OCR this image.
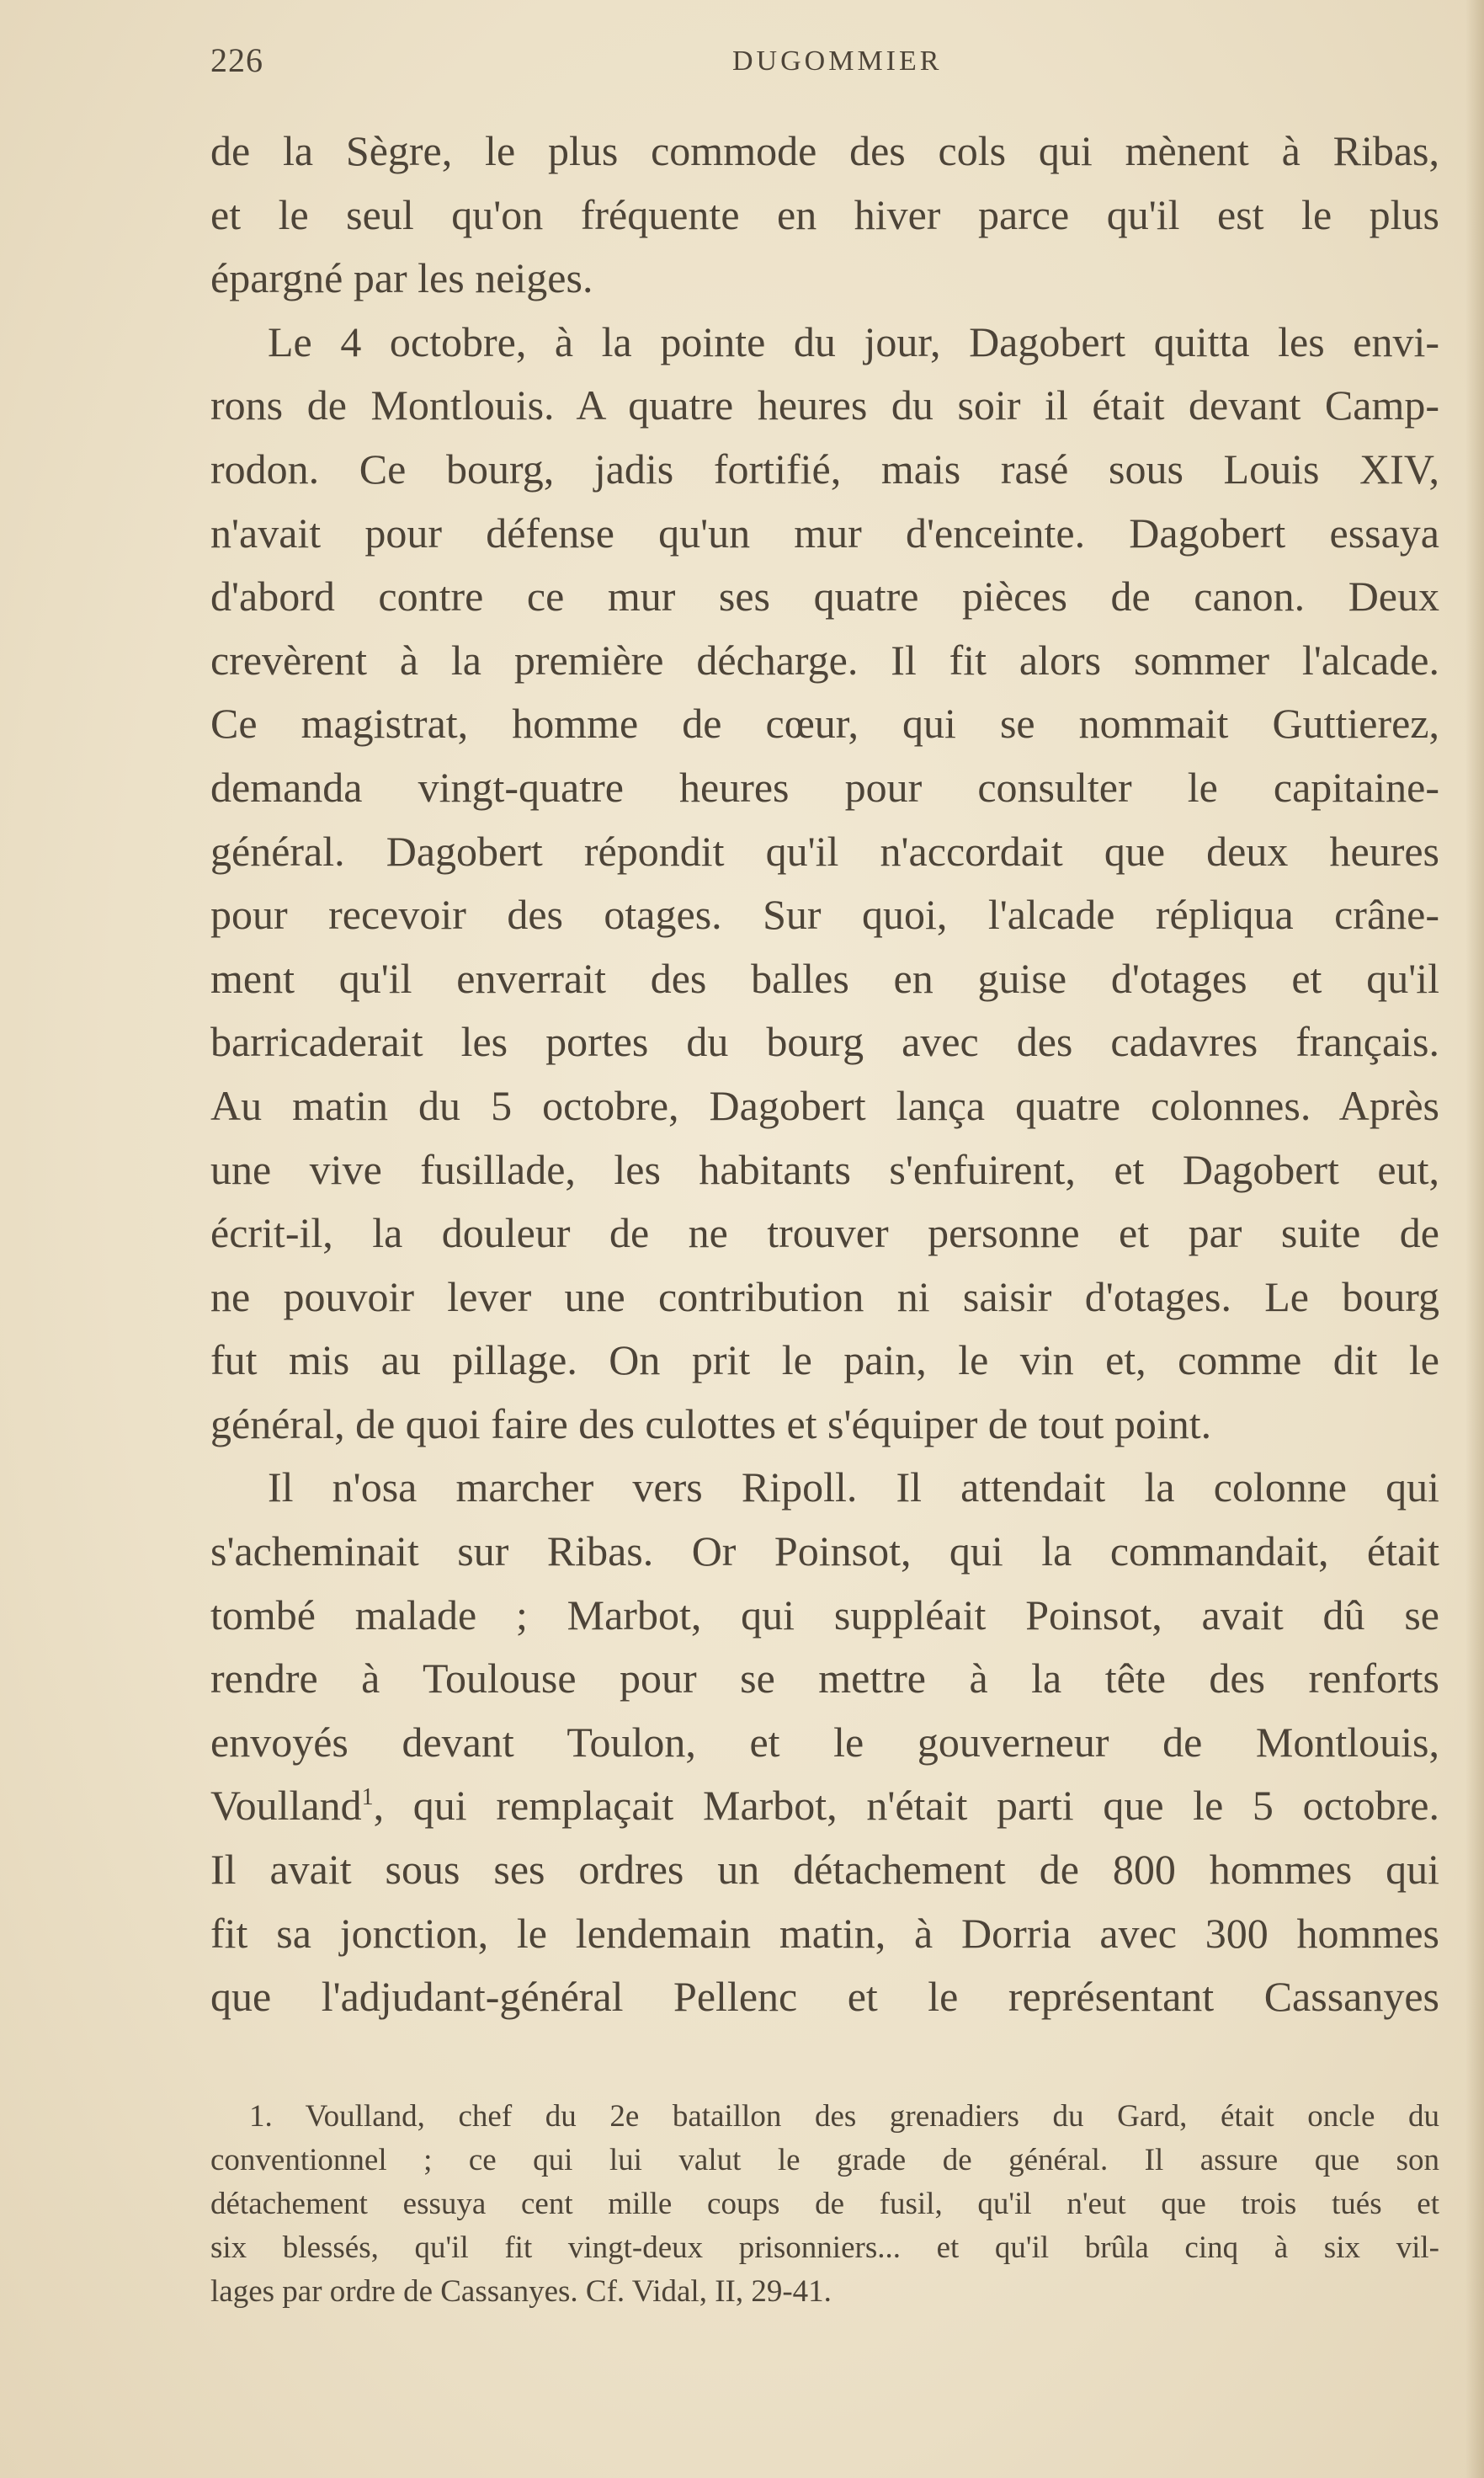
226	DUGOMMIER
de la Sègre, le plus commode des cols qui mènent à Ribas,
et le seul qu'on fréquente en hiver parce qu'il est le plus
épargné par les neiges.
Le 4 octobre, à la pointe du jour, Dagobert quitta les envi-
rons de Montlouis. A quatre heures du soir il était devant Camp-
rodon. Ce bourg, jadis fortifié, mais rasé sous Louis XIV,
n'avait pour défense qu'un mur d'enceinte. Dagobert essaya
d'abord contre ce mur ses quatre pièces de canon. Deux
crevèrent à la première décharge. Il fit alors sommer l'alcade.
Ce magistrat, homme de cœur, qui se nommait Guttierez,
demanda vingt-quatre heures pour consulter le capitaine-
général. Dagobert répondit qu'il n'accordait que deux heures
pour recevoir des otages. Sur quoi, l'alcade répliqua crâne-
ment qu'il enverrait des balles en guise d'otages et qu'il
barricaderait les portes du bourg avec des cadavres français.
Au matin du 5 octobre, Dagobert lança quatre colonnes. Après
une vive fusillade, les habitants s'enfuirent, et Dagobert eut,
écrit-il, la douleur de ne trouver personne et par suite de
ne pouvoir lever une contribution ni saisir d'otages. Le bourg
fut mis au pillage. On prit le pain, le vin et, comme dit le
général, de quoi faire des culottes et s'équiper de tout point.
Il n'osa marcher vers Ripoll. Il attendait la colonne qui
s'acheminait sur Ribas. Or Poinsot, qui la commandait, était
tombé malade ; Marbot, qui suppléait Poinsot, avait dû se
rendre à Toulouse pour se mettre à la tête des renforts
envoyés devant Toulon, et le gouverneur de Montlouis,
Voulland$^1$, qui remplaçait Marbot, n'était parti que le 5 octobre.
Il avait sous ses ordres un détachement de 800 hommes qui
fit sa jonction, le lendemain matin, à Dorria avec 300 hommes
que l'adjudant-général Pellenc et le représentant Cassanyes
1. Voulland, chef du 2e bataillon des grenadiers du Gard, était oncle du
conventionnel ; ce qui lui valut le grade de général. Il assure que son
détachement essuya cent mille coups de fusil, qu'il n'eut que trois tués et
six blessés, qu'il fit vingt-deux prisonniers... et qu'il brûla cinq à six vil-
lages par ordre de Cassanyes. Cf. Vidal, II, 29-41.
